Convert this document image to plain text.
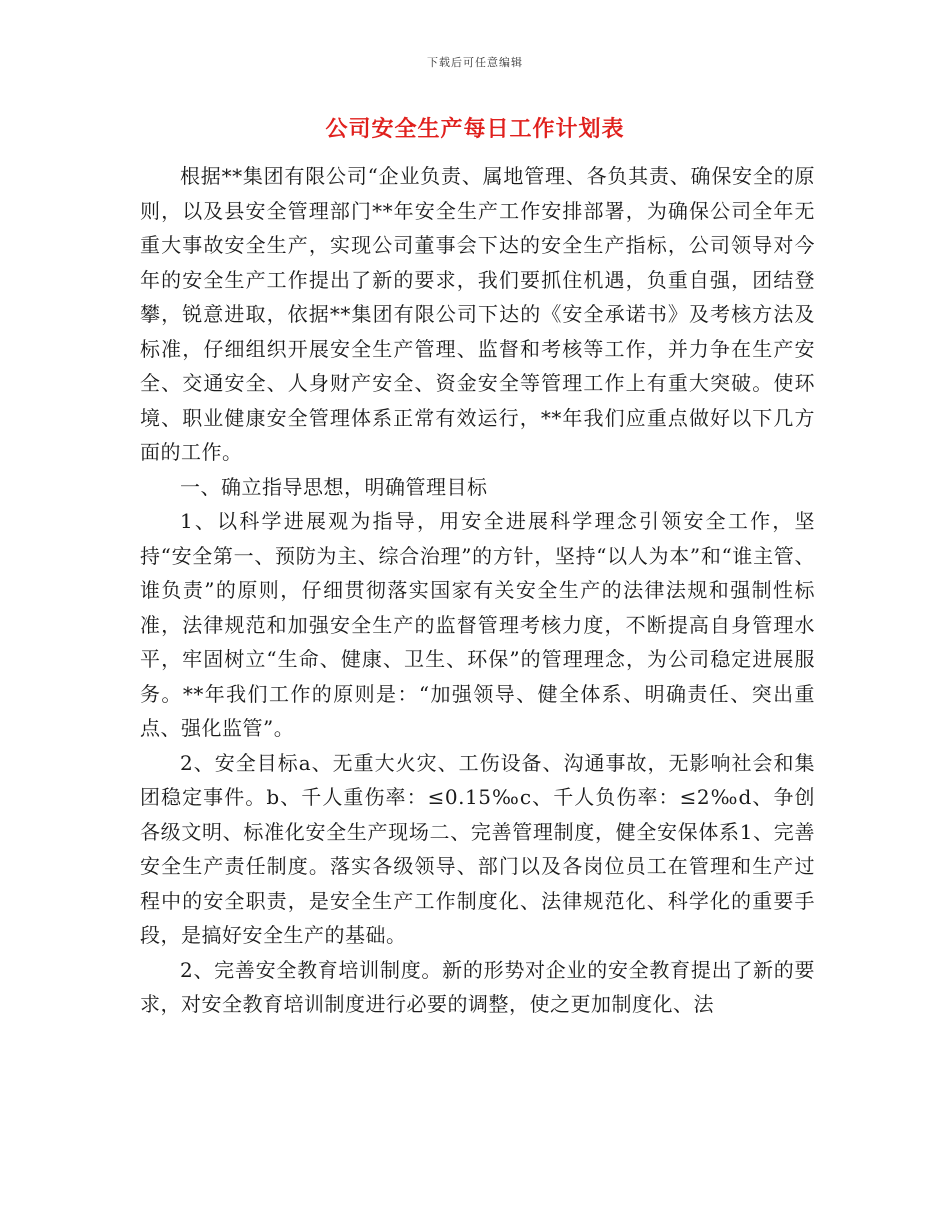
下载后可任意编辑
公司安全生产每日工作计划表

根据**集团有限公司“企业负责、属地管理、各负其责、确保安全的原则，以及县安全管理部门**年安全生产工作安排部署，为确保公司全年无重大事故安全生产，实现公司董事会下达的安全生产指标，公司领导对今年的安全生产工作提出了新的要求，我们要抓住机遇，负重自强，团结登攀，锐意进取，依据**集团有限公司下达的《安全承诺书》及考核方法及标准，仔细组织开展安全生产管理、监督和考核等工作，并力争在生产安全、交通安全、人身财产安全、资金安全等管理工作上有重大突破。使环境、职业健康安全管理体系正常有效运行，**年我们应重点做好以下几方面的工作。

一、确立指导思想，明确管理目标

1、以科学进展观为指导，用安全进展科学理念引领安全工作，坚持“安全第一、预防为主、综合治理”的方针，坚持“以人为本”和“谁主管、谁负责”的原则，仔细贯彻落实国家有关安全生产的法律法规和强制性标准，法律规范和加强安全生产的监督管理考核力度，不断提高自身管理水平，牢固树立“生命、健康、卫生、环保”的管理理念，为公司稳定进展服务。**年我们工作的原则是：“加强领导、健全体系、明确责任、突出重点、强化监管”。

2、安全目标a、无重大火灾、工伤设备、沟通事故，无影响社会和集团稳定事件。b、千人重伤率：≤0.15‰c、千人负伤率：≤2‰d、争创各级文明、标准化安全生产现场二、完善管理制度，健全安保体系1、完善安全生产责任制度。落实各级领导、部门以及各岗位员工在管理和生产过程中的安全职责，是安全生产工作制度化、法律规范化、科学化的重要手段，是搞好安全生产的基础。

2、完善安全教育培训制度。新的形势对企业的安全教育提出了新的要求，对安全教育培训制度进行必要的调整，使之更加制度化、法
